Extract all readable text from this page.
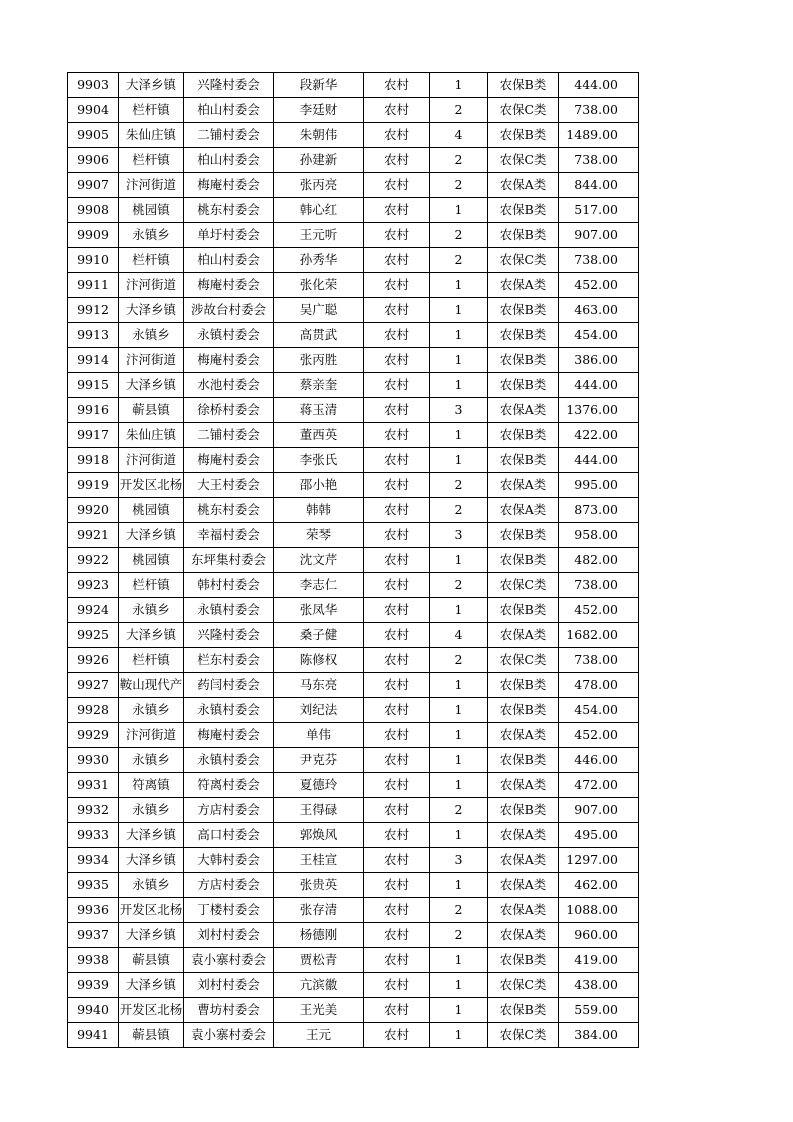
9903	大泽乡镇	兴隆村委会	段新华	农村	1	农保B类	444.00
9904	栏杆镇	柏山村委会	李廷财	农村	2	农保C类	738.00
9905	朱仙庄镇	二铺村委会	朱朝伟	农村	4	农保B类	1489.00
9906	栏杆镇	柏山村委会	孙建新	农村	2	农保C类	738.00
9907	汴河街道	梅庵村委会	张丙亮	农村	2	农保A类	844.00
9908	桃园镇	桃东村委会	韩心红	农村	1	农保B类	517.00
9909	永镇乡	单圩村委会	王元听	农村	2	农保B类	907.00
9910	栏杆镇	柏山村委会	孙秀华	农村	2	农保C类	738.00
9911	汴河街道	梅庵村委会	张化荣	农村	1	农保A类	452.00
9912	大泽乡镇	涉故台村委会	吴广聪	农村	1	农保B类	463.00
9913	永镇乡	永镇村委会	高贯武	农村	1	农保B类	454.00
9914	汴河街道	梅庵村委会	张丙胜	农村	1	农保B类	386.00
9915	大泽乡镇	水池村委会	蔡亲奎	农村	1	农保B类	444.00
9916	蕲县镇	徐桥村委会	蒋玉清	农村	3	农保A类	1376.00
9917	朱仙庄镇	二铺村委会	董西英	农村	1	农保B类	422.00
9918	汴河街道	梅庵村委会	李张氏	农村	1	农保B类	444.00
9919	开发区北杨	大王村委会	邵小艳	农村	2	农保A类	995.00
9920	桃园镇	桃东村委会	韩韩	农村	2	农保A类	873.00
9921	大泽乡镇	幸福村委会	荣琴	农村	3	农保B类	958.00
9922	桃园镇	东坪集村委会	沈文芹	农村	1	农保B类	482.00
9923	栏杆镇	韩村村委会	李志仁	农村	2	农保C类	738.00
9924	永镇乡	永镇村委会	张凤华	农村	1	农保B类	452.00
9925	大泽乡镇	兴隆村委会	桑子健	农村	4	农保A类	1682.00
9926	栏杆镇	栏东村委会	陈修权	农村	2	农保C类	738.00
9927	鞍山现代产	药闫村委会	马东亮	农村	1	农保B类	478.00
9928	永镇乡	永镇村委会	刘纪法	农村	1	农保B类	454.00
9929	汴河街道	梅庵村委会	单伟	农村	1	农保A类	452.00
9930	永镇乡	永镇村委会	尹克芬	农村	1	农保B类	446.00
9931	符离镇	符离村委会	夏德玲	农村	1	农保A类	472.00
9932	永镇乡	方店村委会	王得碌	农村	2	农保B类	907.00
9933	大泽乡镇	高口村委会	郭焕风	农村	1	农保A类	495.00
9934	大泽乡镇	大韩村委会	王桂宣	农村	3	农保A类	1297.00
9935	永镇乡	方店村委会	张贵英	农村	1	农保A类	462.00
9936	开发区北杨	丁楼村委会	张存清	农村	2	农保A类	1088.00
9937	大泽乡镇	刘村村委会	杨德刚	农村	2	农保A类	960.00
9938	蕲县镇	袁小寨村委会	贾松青	农村	1	农保B类	419.00
9939	大泽乡镇	刘村村委会	亢滨徽	农村	1	农保C类	438.00
9940	开发区北杨	曹坊村委会	王光美	农村	1	农保B类	559.00
9941	蕲县镇	袁小寨村委会	王元	农村	1	农保C类	384.00
